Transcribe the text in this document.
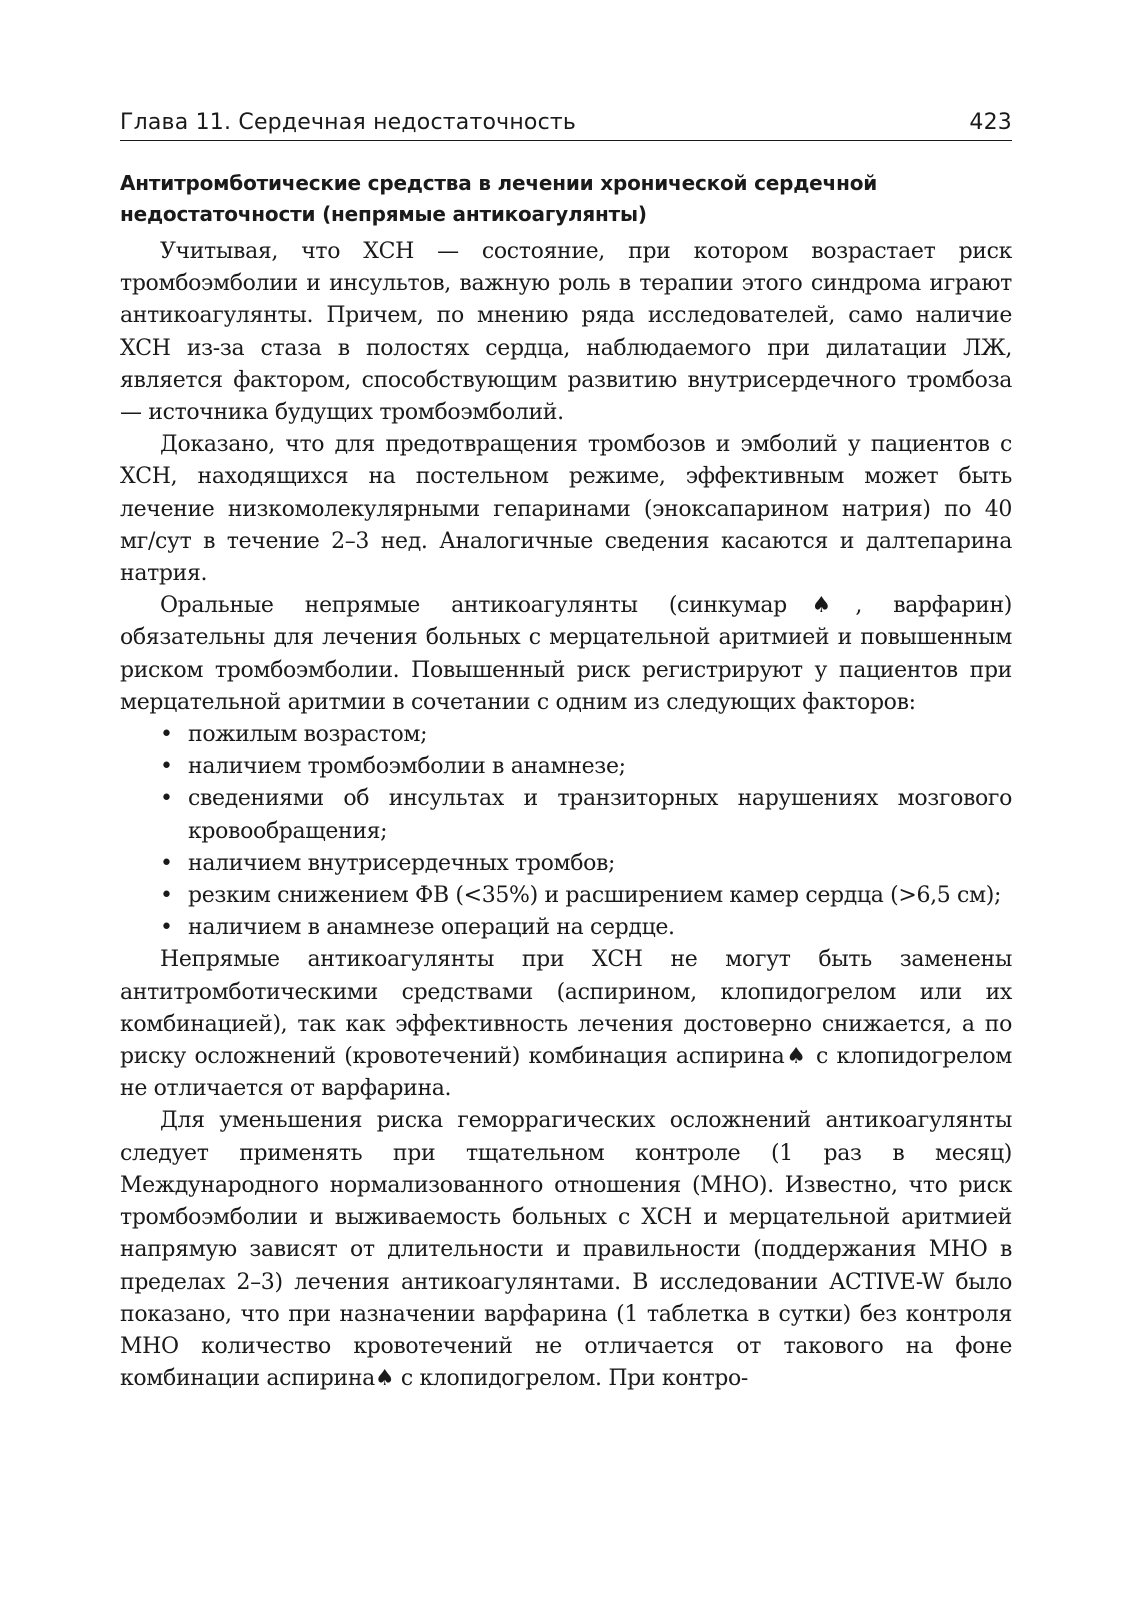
Глава 11. Сердечная недостаточность	423
Антитромботические средства в лечении хронической сердечной недостаточности (непрямые антикоагулянты)

Учитывая, что ХСН — состояние, при котором возрастает риск тромбоэмболии и инсультов, важную роль в терапии этого синдрома играют антикоагулянты. Причем, по мнению ряда исследователей, само наличие ХСН из-за стаза в полостях сердца, наблюдаемого при дилатации ЛЖ, является фактором, способствующим развитию внутрисердечного тромбоза — источника будущих тромбоэмболий.

Доказано, что для предотвращения тромбозов и эмболий у пациентов с ХСН, находящихся на постельном режиме, эффективным может быть лечение низкомолекулярными гепаринами (эноксапарином натрия) по 40 мг/сут в течение 2–3 нед. Аналогичные сведения касаются и далтепарина натрия.

Оральные непрямые антикоагулянты (синкумар♠, варфарин) обязательны для лечения больных с мерцательной аритмией и повышенным риском тромбоэмболии. Повышенный риск регистрируют у пациентов при мерцательной аритмии в сочетании с одним из следующих факторов:

• пожилым возрастом;
• наличием тромбоэмболии в анамнезе;
• сведениями об инсультах и транзиторных нарушениях мозгового кровообращения;
• наличием внутрисердечных тромбов;
• резким снижением ФВ (<35%) и расширением камер сердца (>6,5 см);
• наличием в анамнезе операций на сердце.

Непрямые антикоагулянты при ХСН не могут быть заменены антитромботическими средствами (аспирином, клопидогрелом или их комбинацией), так как эффективность лечения достоверно снижается, а по риску осложнений (кровотечений) комбинация аспирина♠ с клопидогрелом не отличается от варфарина.

Для уменьшения риска геморрагических осложнений антикоагулянты следует применять при тщательном контроле (1 раз в месяц) Международного нормализованного отношения (МНО). Известно, что риск тромбоэмболии и выживаемость больных с ХСН и мерцательной аритмией напрямую зависят от длительности и правильности (поддержания МНО в пределах 2–3) лечения антикоагулянтами. В исследовании ACTIVE-W было показано, что при назначении варфарина (1 таблетка в сутки) без контроля МНО количество кровотечений не отличается от такового на фоне комбинации аспирина♠ с клопидогрелом. При контро-
